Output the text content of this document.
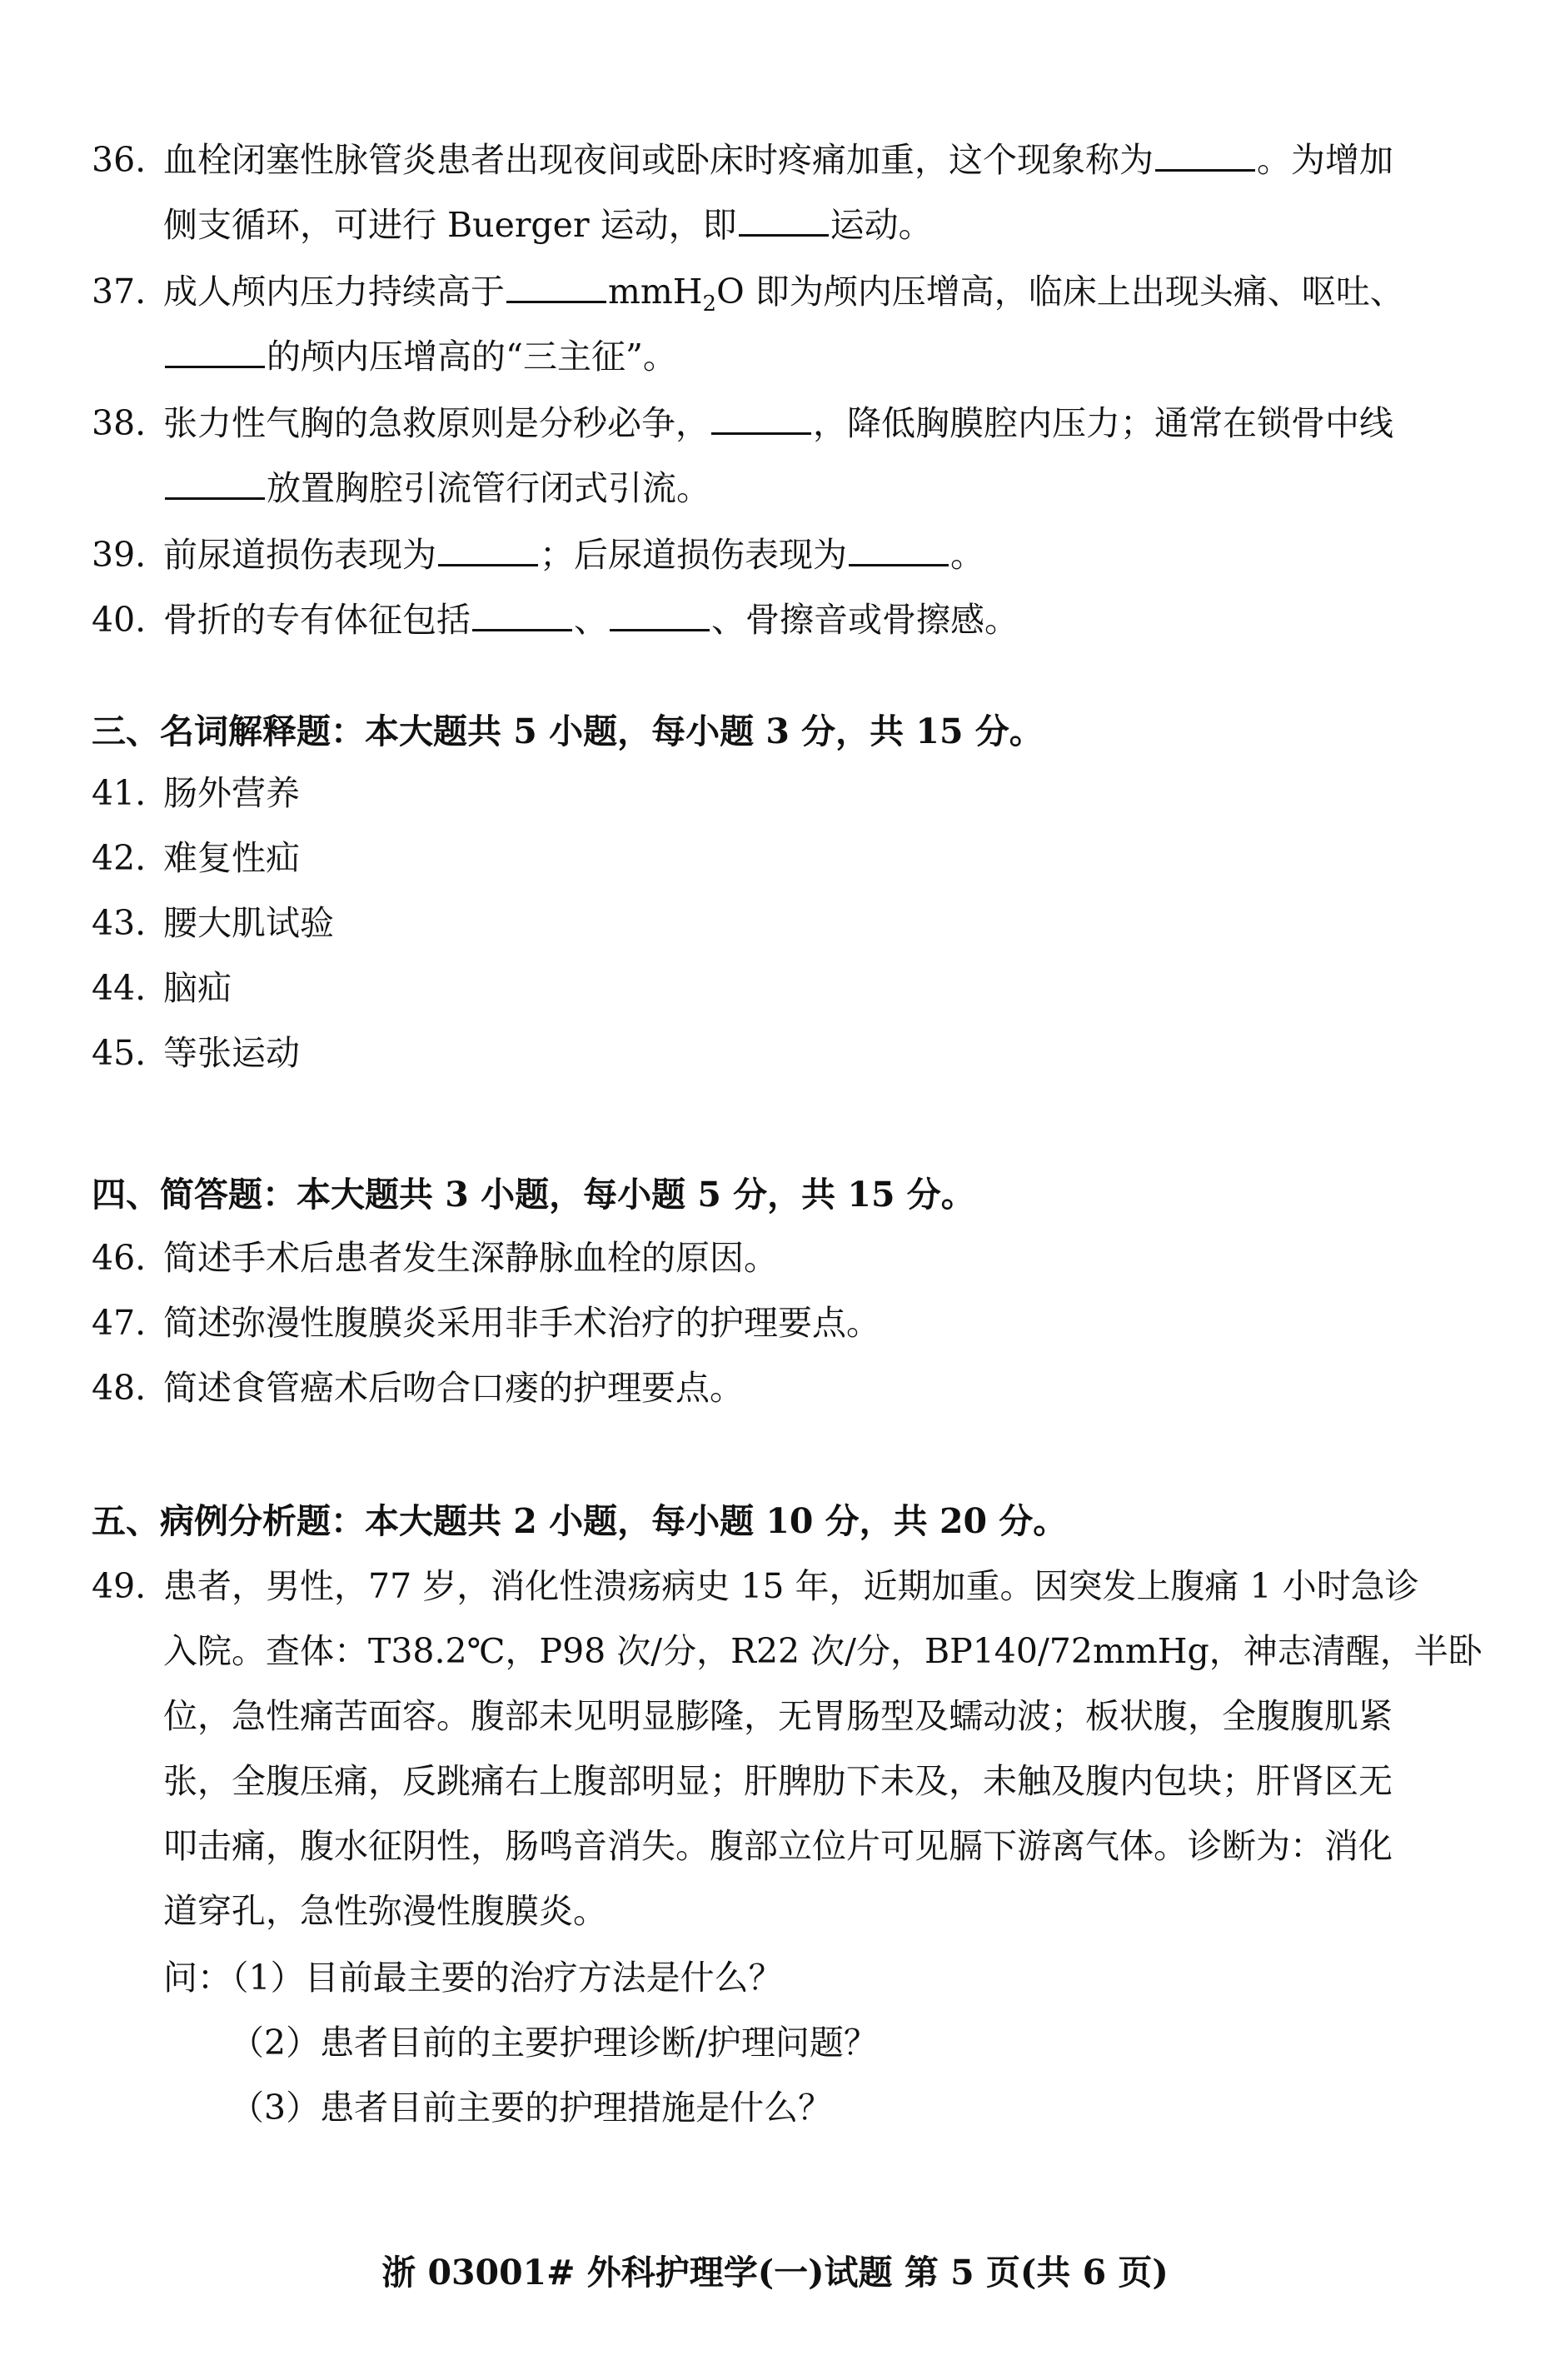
36. 血栓闭塞性脉管炎患者出现夜间或卧床时疼痛加重，这个现象称为	。为增加
侧支循环，可进行 Buerger 运动，即	运动。
37. 成人颅内压力持续高于	mmH$_2$O 即为颅内压增高，临床上出现头痛、呕吐、
的颅内压增高的“三主征”。
38. 张力性气胸的急救原则是分秒必争，	，降低胸膜腔内压力；通常在锁骨中线
放置胸腔引流管行闭式引流。
39. 前尿道损伤表现为	；后尿道损伤表现为	。
40. 骨折的专有体征包括	、	、骨擦音或骨擦感。
三、名词解释题：本大题共 5 小题，每小题 3 分，共 15 分。
41. 肠外营养
42. 难复性疝
43. 腰大肌试验
44. 脑疝
45. 等张运动
四、简答题：本大题共 3 小题，每小题 5 分，共 15 分。
46. 简述手术后患者发生深静脉血栓的原因。
47. 简述弥漫性腹膜炎采用非手术治疗的护理要点。
48. 简述食管癌术后吻合口瘘的护理要点。
五、病例分析题：本大题共 2 小题，每小题 10 分，共 20 分。
49. 患者，男性，77 岁，消化性溃疡病史 15 年，近期加重。因突发上腹痛 1 小时急诊
入院。查体：T38.2℃，P98 次/分，R22 次/分，BP140/72mmHg，神志清醒，半卧
位，急性痛苦面容。腹部未见明显膨隆，无胃肠型及蠕动波；板状腹，全腹腹肌紧
张，全腹压痛，反跳痛右上腹部明显；肝脾肋下未及，未触及腹内包块；肝肾区无
叩击痛，腹水征阴性，肠鸣音消失。腹部立位片可见膈下游离气体。诊断为：消化
道穿孔，急性弥漫性腹膜炎。
问：（1）目前最主要的治疗方法是什么？
（2）患者目前的主要护理诊断/护理问题？
（3）患者目前主要的护理措施是什么？
浙 03001# 外科护理学(一)试题 第 5 页(共 6 页)
